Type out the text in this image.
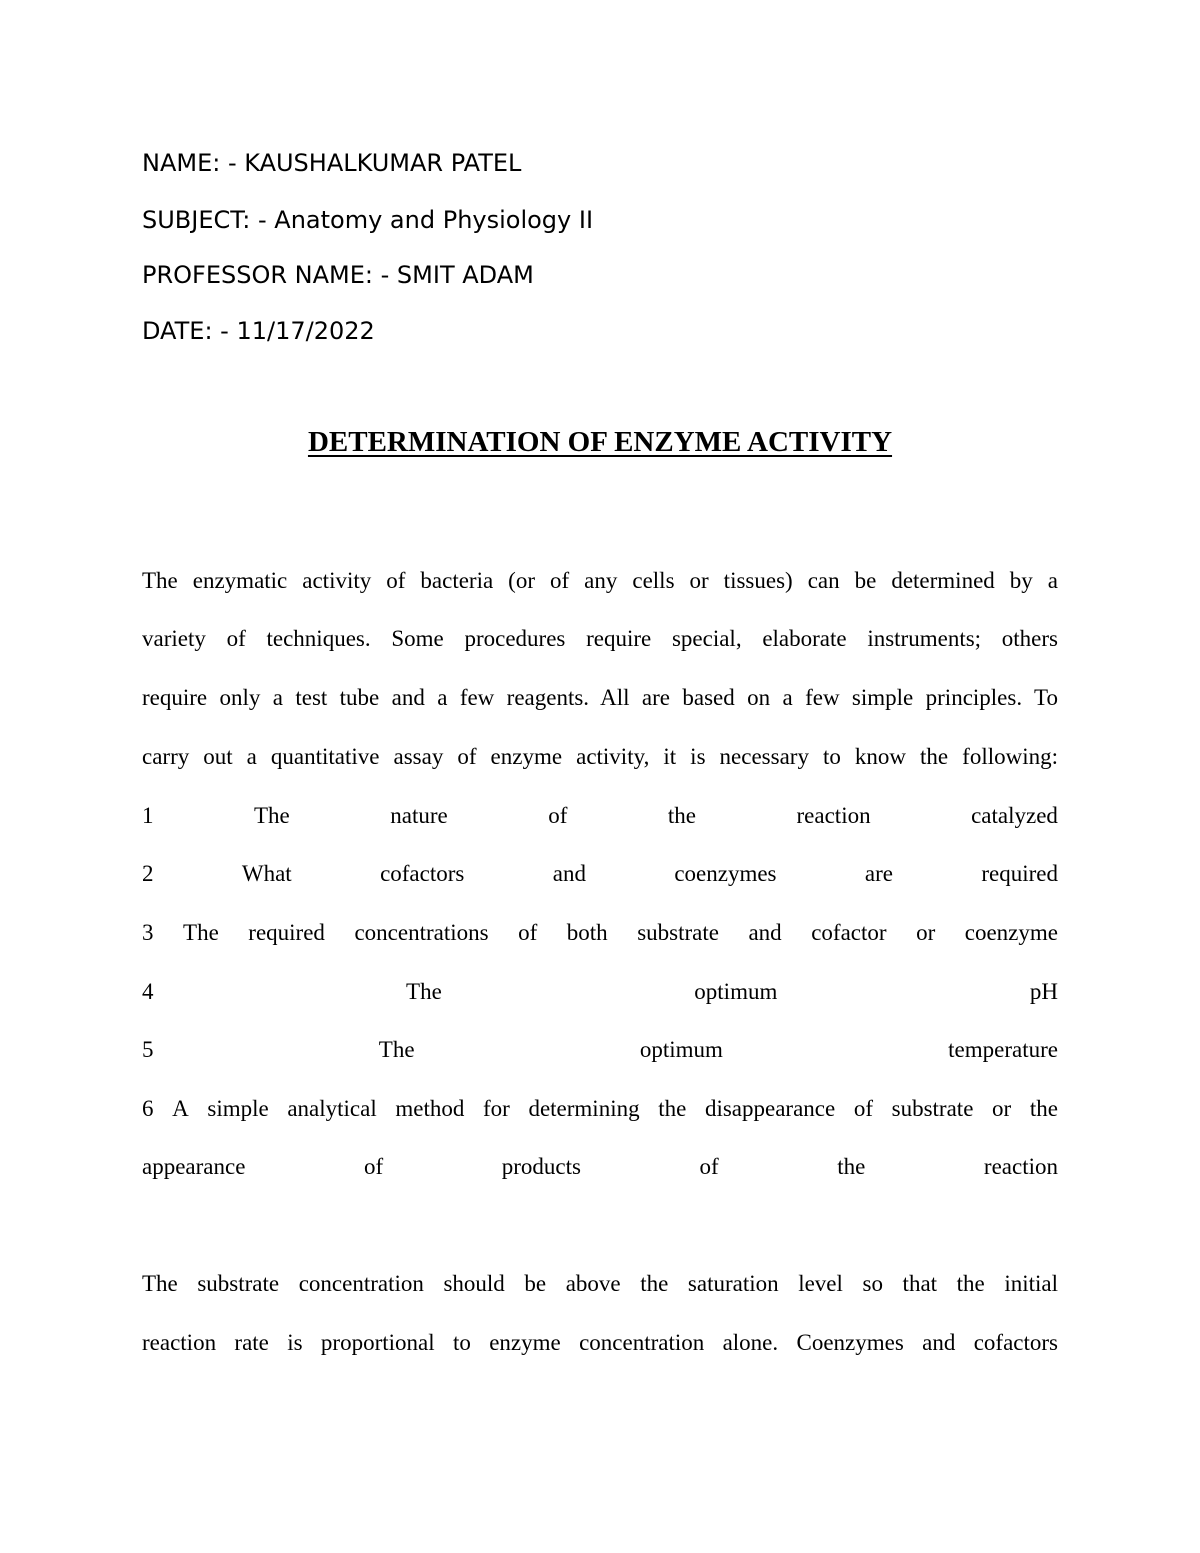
NAME: - KAUSHALKUMAR PATEL
SUBJECT: - Anatomy and Physiology II
PROFESSOR NAME: - SMIT ADAM
DATE: - 11/17/2022
DETERMINATION OF ENZYME ACTIVITY
The enzymatic activity of bacteria (or of any cells or tissues) can be determined by a
variety of techniques. Some procedures require special, elaborate instruments; others
require only a test tube and a few reagents. All are based on a few simple principles. To
carry out a quantitative assay of enzyme activity, it is necessary to know the following:
1	The	nature	of	the	reaction	catalyzed
2	What	cofactors	and	coenzymes	are	required
3 The required concentrations of both substrate and cofactor or coenzyme
4	The	optimum	pH
5	The	optimum	temperature
6 A simple analytical method for determining the disappearance of substrate or the
appearance	of	products	of	the	reaction
The substrate concentration should be above the saturation level so that the initial
reaction rate is proportional to enzyme concentration alone. Coenzymes and cofactors
